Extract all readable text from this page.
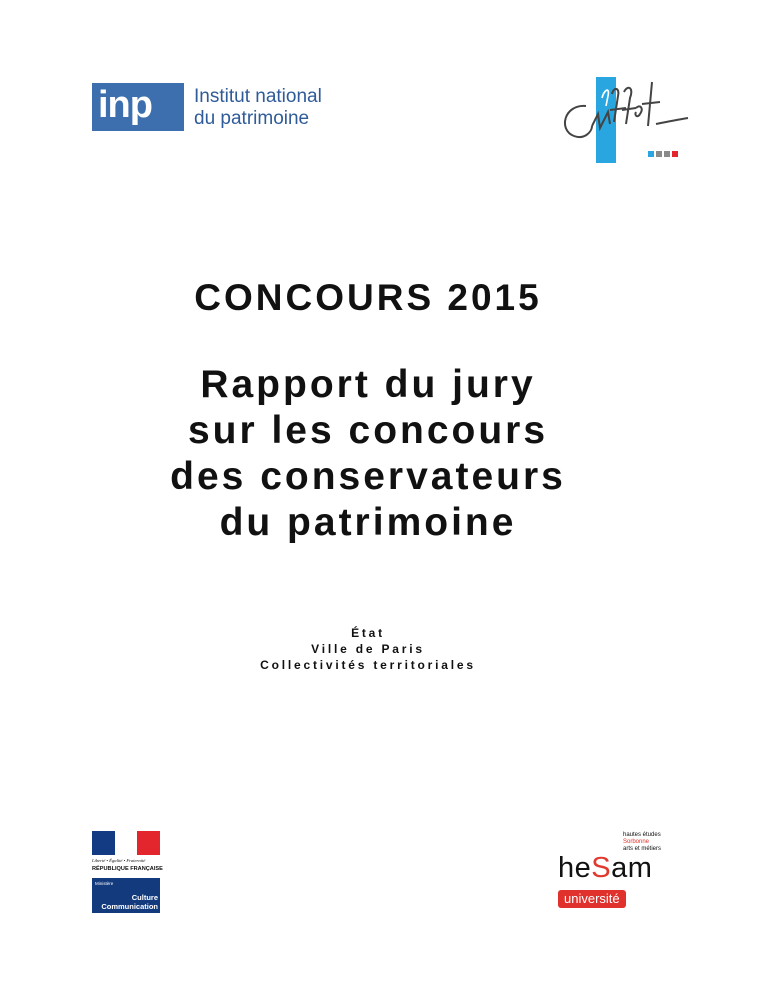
inp	Institut national
du patrimoine
CONCOURS 2015
Rapport du jury
sur les concours
des conservateurs
du patrimoine
État
Ville de Paris
Collectivités territoriales
Liberté • Égalité • Fraternité
RÉPUBLIQUE FRANÇAISE
Ministère
Culture
Communication
hautes études
Sorbonne
arts et métiers
heSam
université
